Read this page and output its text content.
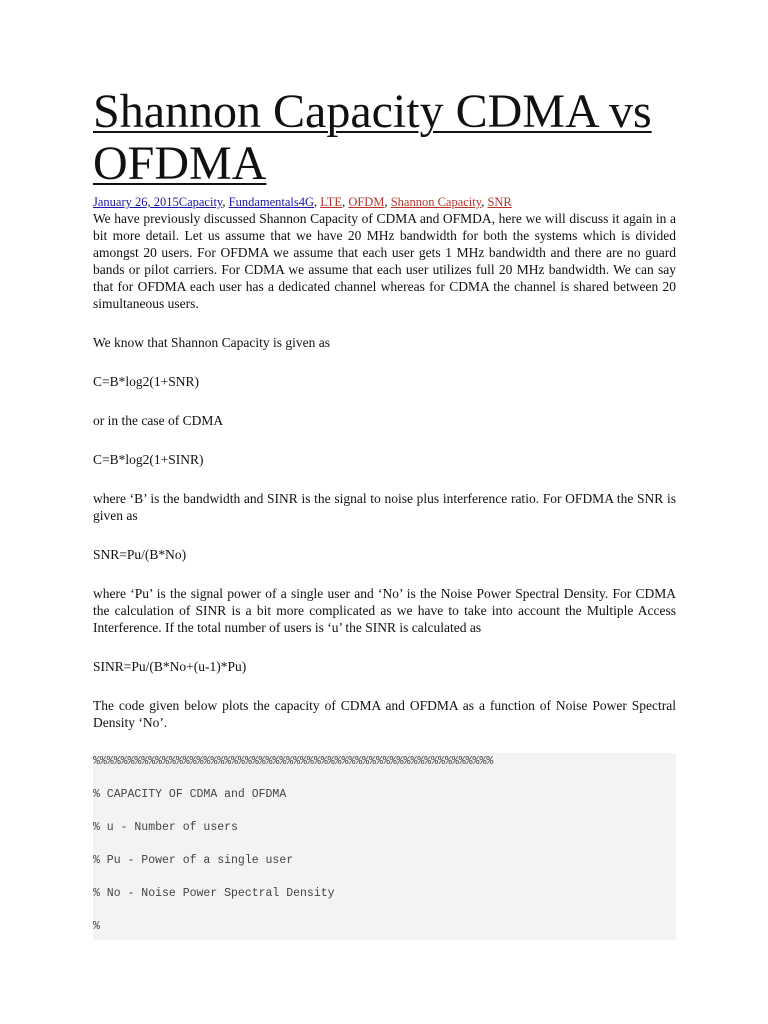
Shannon Capacity CDMA vs OFDMA
January 26, 2015Capacity, Fundamentals4G, LTE, OFDM, Shannon Capacity, SNR

We have previously discussed Shannon Capacity of CDMA and OFMDA, here we will discuss it again in a bit more detail. Let us assume that we have 20 MHz bandwidth for both the systems which is divided amongst 20 users. For OFDMA we assume that each user gets 1 MHz bandwidth and there are no guard bands or pilot carriers. For CDMA we assume that each user utilizes full 20 MHz bandwidth. We can say that for OFDMA each user has a dedicated channel whereas for CDMA the channel is shared between 20 simultaneous users.

We know that Shannon Capacity is given as

C=B*log2(1+SNR)

or in the case of CDMA

C=B*log2(1+SINR)

where ‘B’ is the bandwidth and SINR is the signal to noise plus interference ratio. For OFDMA the SNR is given as

SNR=Pu/(B*No)

where ‘Pu’ is the signal power of a single user and ‘No’ is the Noise Power Spectral Density. For CDMA the calculation of SINR is a bit more complicated as we have to take into account the Multiple Access Interference. If the total number of users is ‘u’ the SINR is calculated as

SINR=Pu/(B*No+(u-1)*Pu)

The code given below plots the capacity of CDMA and OFDMA as a function of Noise Power Spectral Density ‘No’.

%%%%%%%%%%%%%%%%%%%%%%%%%%%%%%%%%%%%%%%%%%%%%%%%%%%%%%%%%%
% CAPACITY OF CDMA and OFDMA
% u - Number of users
% Pu - Power of a single user
% No - Noise Power Spectral Density
%
